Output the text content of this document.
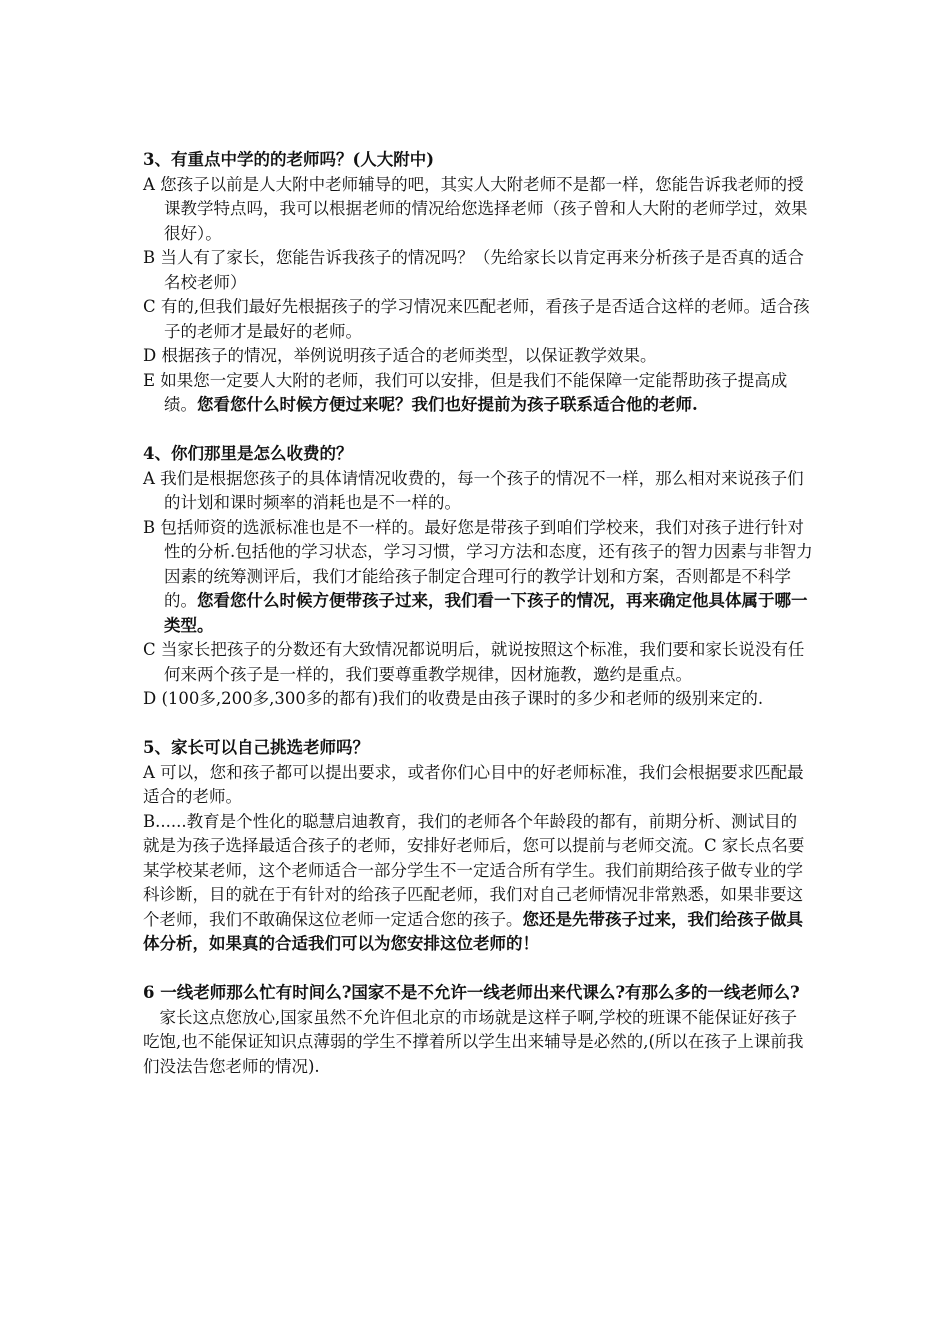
3、有重点中学的的老师吗？(人大附中)

A 您孩子以前是人大附中老师辅导的吧，其实人大附老师不是都一样，您能告诉我老师的授课教学特点吗，我可以根据老师的情况给您选择老师（孩子曾和人大附的老师学过，效果很好）。

B 当人有了家长，您能告诉我孩子的情况吗？（先给家长以肯定再来分析孩子是否真的适合名校老师）

C 有的,但我们最好先根据孩子的学习情况来匹配老师，看孩子是否适合这样的老师。适合孩子的老师才是最好的老师。

D 根据孩子的情况，举例说明孩子适合的老师类型，以保证教学效果。

E 如果您一定要人大附的老师，我们可以安排，但是我们不能保障一定能帮助孩子提高成绩。您看您什么时候方便过来呢？我们也好提前为孩子联系适合他的老师.

4、你们那里是怎么收费的？

A 我们是根据您孩子的具体请情况收费的，每一个孩子的情况不一样，那么相对来说孩子们的计划和课时频率的消耗也是不一样的。

B 包括师资的选派标准也是不一样的。最好您是带孩子到咱们学校来，我们对孩子进行针对性的分析.包括他的学习状态，学习习惯，学习方法和态度，还有孩子的智力因素与非智力因素的统筹测评后，我们才能给孩子制定合理可行的教学计划和方案，否则都是不科学的。您看您什么时候方便带孩子过来，我们看一下孩子的情况，再来确定他具体属于哪一类型。

C 当家长把孩子的分数还有大致情况都说明后，就说按照这个标准，我们要和家长说没有任何来两个孩子是一样的，我们要尊重教学规律，因材施教，邀约是重点。

D (100多,200多,300多的都有)我们的收费是由孩子课时的多少和老师的级别来定的.

5、家长可以自己挑选老师吗？

A 可以，您和孩子都可以提出要求，或者你们心目中的好老师标准，我们会根据要求匹配最适合的老师。

B......教育是个性化的聪慧启迪教育，我们的老师各个年龄段的都有，前期分析、测试目的就是为孩子选择最适合孩子的老师，安排好老师后，您可以提前与老师交流。C 家长点名要某学校某老师，这个老师适合一部分学生不一定适合所有学生。我们前期给孩子做专业的学科诊断，目的就在于有针对的给孩子匹配老师，我们对自己老师情况非常熟悉，如果非要这个老师，我们不敢确保这位老师一定适合您的孩子。您还是先带孩子过来，我们给孩子做具体分析，如果真的合适我们可以为您安排这位老师的！

6 一线老师那么忙有时间么?国家不是不允许一线老师出来代课么?有那么多的一线老师么?

家长这点您放心,国家虽然不允许但北京的市场就是这样子啊,学校的班课不能保证好孩子吃饱,也不能保证知识点薄弱的学生不撑着所以学生出来辅导是必然的,(所以在孩子上课前我们没法告您老师的情况).
